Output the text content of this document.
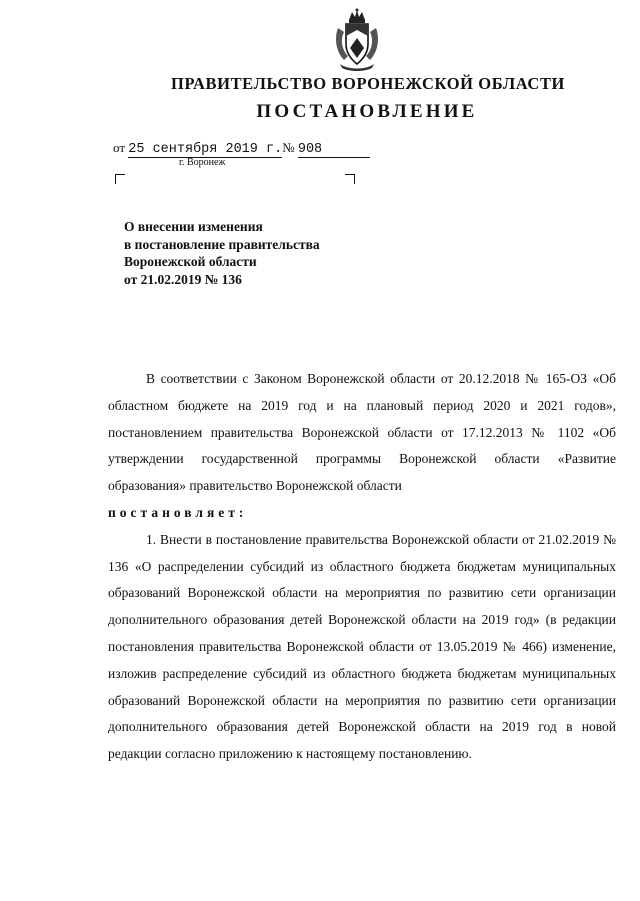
ПРАВИТЕЛЬСТВО ВОРОНЕЖСКОЙ ОБЛАСТИ
ПОСТАНОВЛЕНИЕ
от 25 сентября 2019 г.№ 908
г. Воронеж
О внесении изменения
в постановление правительства
Воронежской области
от 21.02.2019 № 136

В соответствии с Законом Воронежской области от 20.12.2018 № 165-ОЗ «Об областном бюджете на 2019 год и на плановый период 2020 и 2021 годов», постановлением правительства Воронежской области от 17.12.2013 № 1102 «Об утверждении государственной программы Воронежской области «Развитие образования» правительство Воронежской области

постановляет:

1. Внести в постановление правительства Воронежской области от 21.02.2019 № 136 «О распределении субсидий из областного бюджета бюджетам муниципальных образований Воронежской области на мероприятия по развитию сети организации дополнительного образования детей Воронежской области на 2019 год» (в редакции постановления правительства Воронежской области от 13.05.2019 № 466) изменение, изложив распределение субсидий из областного бюджета бюджетам муниципальных образований Воронежской области на мероприятия по развитию сети организации дополнительного образования детей Воронежской области на 2019 год в новой редакции согласно приложению к настоящему постановлению.
